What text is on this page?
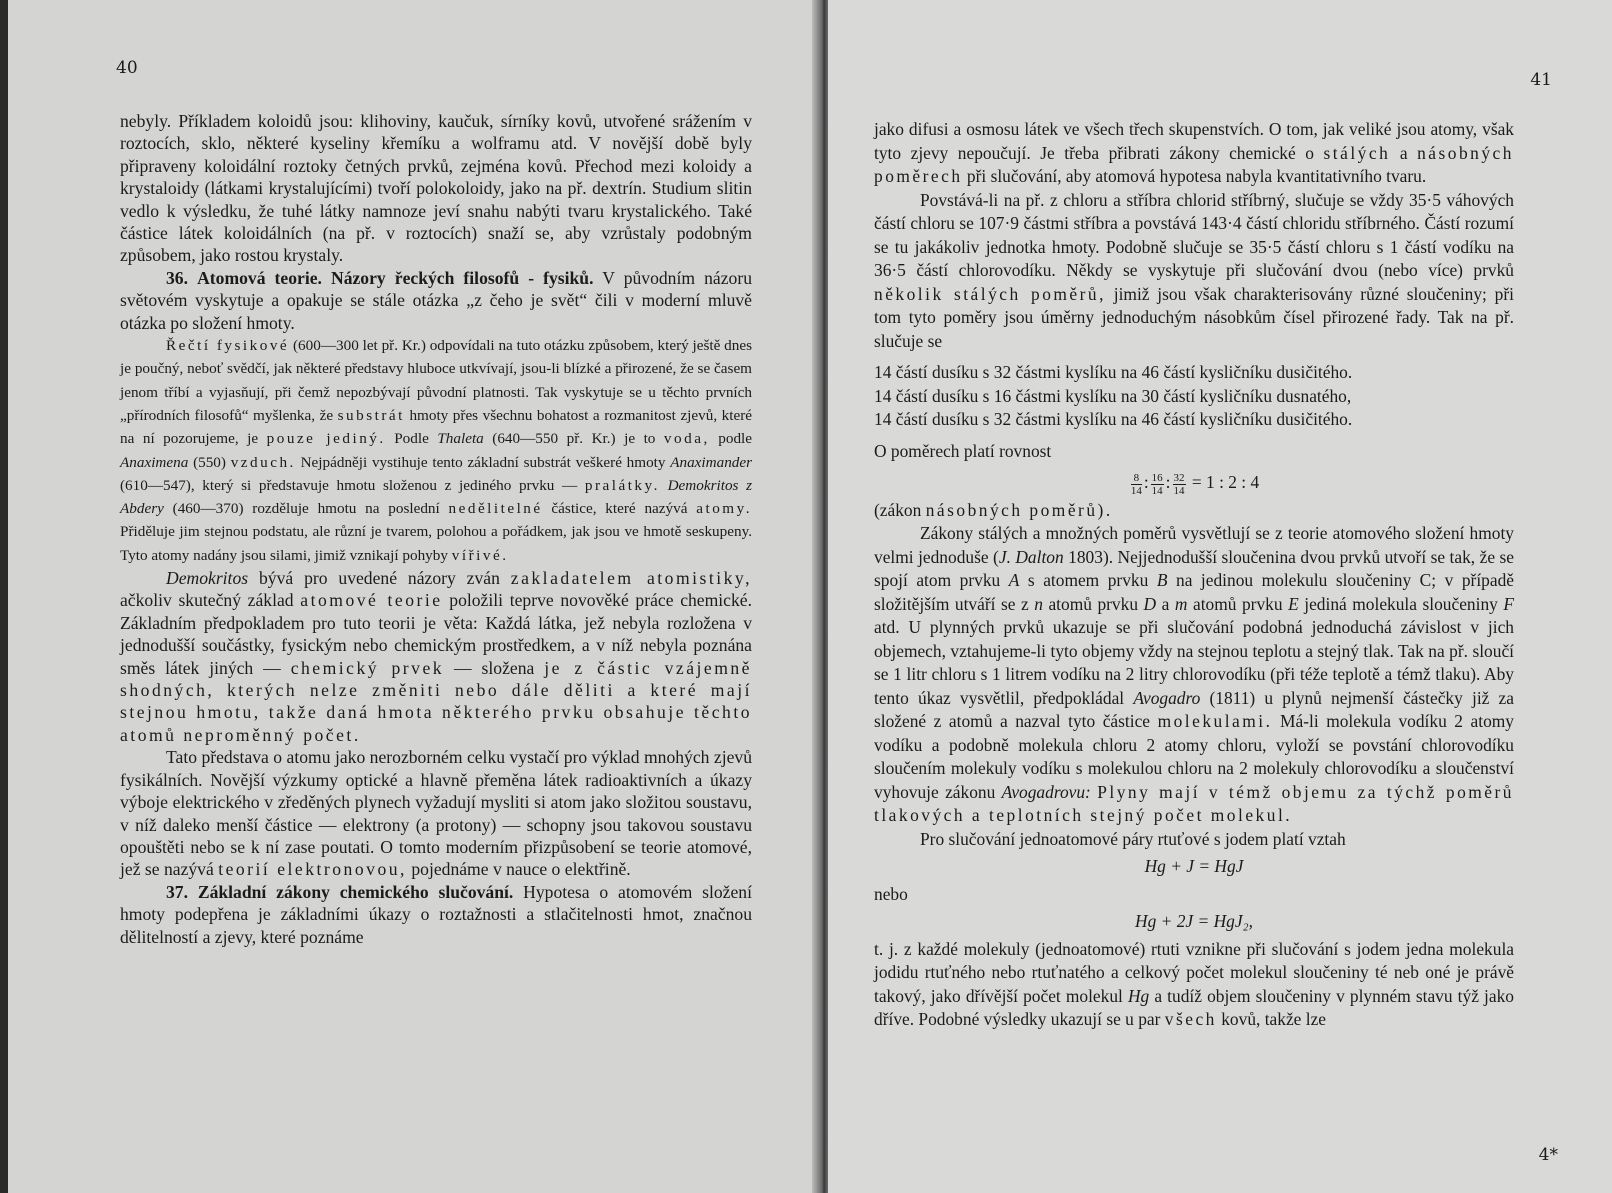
40

nebyly. Příkladem koloidů jsou: klihoviny, kaučuk, sírníky kovů, utvořené srážením v roztocích, sklo, některé kyseliny křemíku a wolframu atd. V novější době byly připraveny koloidální roztoky četných prvků, zejména kovů. Přechod mezi koloidy a krystaloidy (látkami krystalujícími) tvoří polokoloidy, jako na př. dextrín. Studium slitin vedlo k výsledku, že tuhé látky namnoze jeví snahu nabýti tvaru krystalického. Také částice látek koloidálních (na př. v roztocích) snaží se, aby vzrůstaly podobným způsobem, jako rostou krystaly.

36. Atomová teorie. Názory řeckých filosofů - fysiků. V původním názoru světovém vyskytuje a opakuje se stále otázka „z čeho je svět“ čili v moderní mluvě otázka po složení hmoty.

Řečtí fysikové (600—300 let př. Kr.) odpovídali na tuto otázku způsobem, který ještě dnes je poučný, neboť svědčí, jak některé představy hluboce utkvívají, jsou-li blízké a přirozené, že se časem jenom tříbí a vyjasňují, při čemž nepozbývají původní platnosti. Tak vyskytuje se u těchto prvních „přírodních filosofů“ myšlenka, že substrát hmoty přes všechnu bohatost a rozmanitost zjevů, které na ní pozorujeme, je pouze jediný. Podle Thaleta (640—550 př. Kr.) je to voda, podle Anaximena (550) vzduch. Nejpádněji vystihuje tento základní substrát veškeré hmoty Anaximander (610—547), který si představuje hmotu složenou z jediného prvku — pralátky. Demokritos z Abdery (460—370) rozděluje hmotu na poslední nedělitelné částice, které nazývá atomy. Přiděluje jim stejnou podstatu, ale různí je tvarem, polohou a pořádkem, jak jsou ve hmotě seskupeny. Tyto atomy nadány jsou silami, jimiž vznikají pohyby vířivé.

Demokritos bývá pro uvedené názory zván zakladatelem atomistiky, ačkoliv skutečný základ atomové teorie položili teprve novověké práce chemické. Základním předpokladem pro tuto teorii je věta: Každá látka, jež nebyla rozložena v jednodušší součástky, fysickým nebo chemickým prostředkem, a v níž nebyla poznána směs látek jiných — chemický prvek — složena je z částic vzájemně shodných, kterých nelze změniti nebo dále děliti a které mají stejnou hmotu, takže daná hmota některého prvku obsahuje těchto atomů neproměnný počet.

Tato představa o atomu jako nerozborném celku vystačí pro výklad mnohých zjevů fysikálních. Novější výzkumy optické a hlavně přeměna látek radioaktivních a úkazy výboje elektrického v zředěných plynech vyžadují mysliti si atom jako složitou soustavu, v níž daleko menší částice — elektrony (a protony) — schopny jsou takovou soustavu opouštěti nebo se k ní zase poutati. O tomto moderním přizpůsobení se teorie atomové, jež se nazývá teorií elektronovou, pojednáme v nauce o elektřině.

37. Základní zákony chemického slučování. Hypotesa o atomovém složení hmoty podepřena je základními úkazy o roztažnosti a stlačitelnosti hmot, značnou dělitelností a zjevy, které poznáme

41

jako difusi a osmosu látek ve všech třech skupenstvích. O tom, jak veliké jsou atomy, však tyto zjevy nepoučují. Je třeba přibrati zákony chemické o stálých a násobných poměrech při slučování, aby atomová hypotesa nabyla kvantitativního tvaru.

Povstává-li na př. z chloru a stříbra chlorid stříbrný, slučuje se vždy 35·5 váhových částí chloru se 107·9 částmi stříbra a povstává 143·4 částí chloridu stříbrného. Částí rozumí se tu jakákoliv jednotka hmoty. Podobně slučuje se 35·5 částí chloru s 1 částí vodíku na 36·5 částí chlorovodíku. Někdy se vyskytuje při slučování dvou (nebo více) prvků několik stálých poměrů, jimiž jsou však charakterisovány různé sloučeniny; při tom tyto poměry jsou úměrny jednoduchým násobkům čísel přirozené řady. Tak na př. slučuje se

14 částí dusíku s 32 částmi kyslíku na 46 částí kysličníku dusičitého.
14 částí dusíku s 16 částmi kyslíku na 30 částí kysličníku dusnatého,
14 částí dusíku s 32 částmi kyslíku na 46 částí kysličníku dusičitého.

O poměrech platí rovnost

$\frac{8}{14}$ : $\frac{16}{14}$ : $\frac{32}{14} = 1$ : 2 : 4

(zákon násobných poměrů).

Zákony stálých a množných poměrů vysvětlují se z teorie atomového složení hmoty velmi jednoduše (J. Dalton 1803). Nejjednodušší sloučenina dvou prvků utvoří se tak, že se spojí atom prvku A s atomem prvku B na jedinou molekulu sloučeniny C; v případě složitějším utváří se z n atomů prvku D a m atomů prvku E jediná molekula sloučeniny F atd. U plynných prvků ukazuje se při slučování podobná jednoduchá závislost v jich objemech, vztahujeme-li tyto objemy vždy na stejnou teplotu a stejný tlak. Tak na př. sloučí se 1 litr chloru s 1 litrem vodíku na 2 litry chlorovodíku (při téže teplotě a témž tlaku). Aby tento úkaz vysvětlil, předpokládal Avogadro (1811) u plynů nejmenší částečky již za složené z atomů a nazval tyto částice molekulami. Má-li molekula vodíku 2 atomy vodíku a podobně molekula chloru 2 atomy chloru, vyloží se povstání chlorovodíku sloučením molekuly vodíku s molekulou chloru na 2 molekuly chlorovodíku a sloučenství vyhovuje zákonu Avogadrovu: Plyny mají v témž objemu za týchž poměrů tlakových a teplotních stejný počet molekul.

Pro slučování jednoatomové páry rtuťové s jodem platí vztah

Hg + J = HgJ
nebo
Hg + 2J = HgJ₂,

t. j. z každé molekuly (jednoatomové) rtuti vznikne při slučování s jodem jedna molekula jodidu rtuťného nebo rtuťnatého a celkový počet molekul sloučeniny té neb oné je právě takový, jako dřívější počet molekul Hg a tudíž objem sloučeniny v plynném stavu týž jako dříve. Podobné výsledky ukazují se u par všech kovů, takže lze

4*
